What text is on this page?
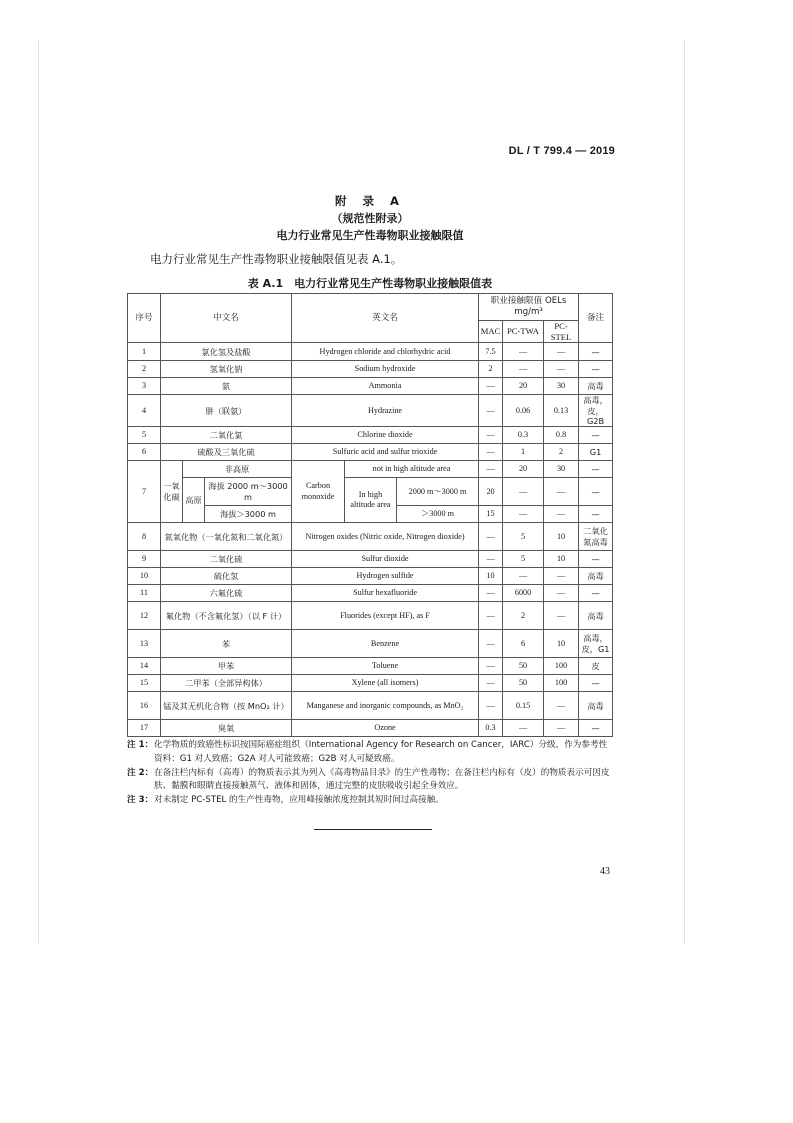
DL / T 799.4 — 2019
附 录 A
（规范性附录）
电力行业常见生产性毒物职业接触限值
电力行业常见生产性毒物职业接触限值见表 A.1。
表 A.1　电力行业常见生产性毒物职业接触限值表
序号	中文名			英文名			职业接触限值 OELs
mg/m³			备注
							MAC	PC-TWA	PC-STEL	
1	氯化氢及盐酸			Hydrogen chloride and chlorhydric acid			7.5	—	—	—
2	氢氧化钠			Sodium hydroxide			2	—	—	—
3	氨			Ammonia			—	20	30	高毒
4	肼（联氨）			Hydrazine			—	0.06	0.13	高毒，皮，G2B
5	二氧化氯			Chlorine dioxide			—	0.3	0.8	—
6	硫酸及三氧化硫			Sulfuric acid and sulfur trioxide			—	1	2	G1
7	一氧化碳	非高原		Carbon monoxide	not in high altitude area		—	20	30	—
		高原	海拔 2000 m～3000 m		In high altitude area	2000 m～3000 m	20	—	—	—
			海拔＞3000 m			＞3000 m	15	—	—	—
8	氮氧化物（一氧化氮和二氧化氮）			Nitrogen oxides (Nitric oxide, Nitrogen dioxide)			—	5	10	二氧化氮高毒
9	二氧化硫			Sulfur dioxide			—	5	10	—
10	硫化氢			Hydrogen sulfide			10	—	—	高毒
11	六氟化硫			Sulfur hexafluoride			—	6000	—	—
12	氟化物（不含氟化氢）（以 F 计）			Fluorides (except HF), as F			—	2	—	高毒
13	苯			Benzene			—	6	10	高毒，皮，G1
14	甲苯			Toluene			—	50	100	皮
15	二甲苯（全部异构体）			Xylene (all isomers)			—	50	100	—
16	锰及其无机化合物（按 MnO₂ 计）			Manganese and inorganic compounds, as MnO₂			—	0.15	—	高毒
17	臭氧			Ozone			0.3	—	—	—
注 1： 化学物质的致癌性标识按国际癌症组织（International Agency for Research on Cancer，IARC）分级，作为参考性资料：G1 对人致癌；G2A 对人可能致癌；G2B 对人可疑致癌。
注 2： 在备注栏内标有（高毒）的物质表示其为列入《高毒物品目录》的生产性毒物；在备注栏内标有（皮）的物质表示可因皮肤、黏膜和眼睛直接接触蒸气、液体和固体，通过完整的皮肤吸收引起全身效应。
注 3： 对未制定 PC-STEL 的生产性毒物，应用峰接触浓度控制其短时间过高接触。
43
